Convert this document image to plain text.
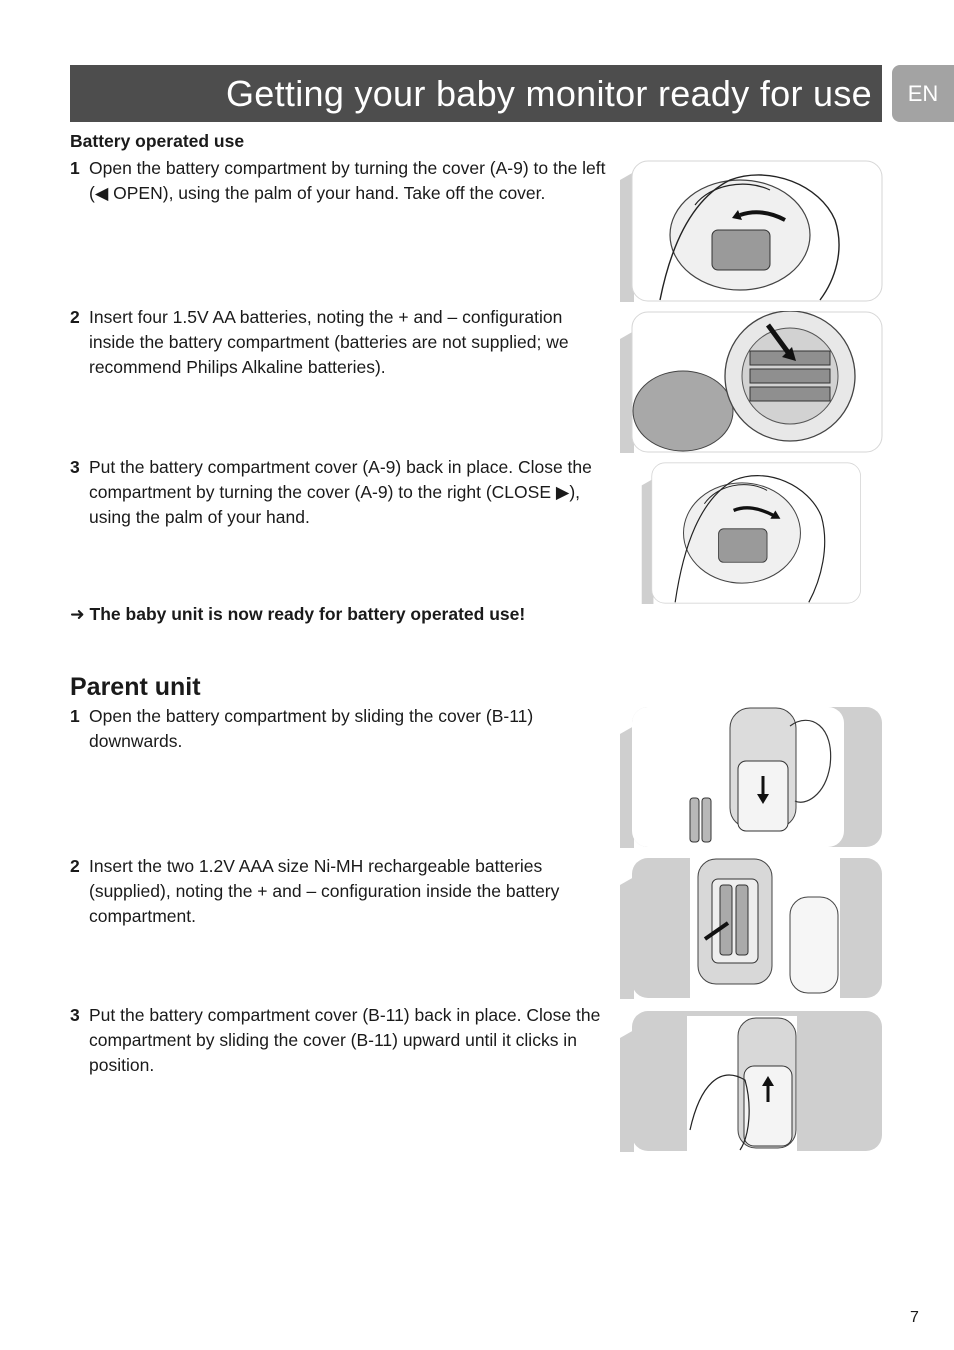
Getting your baby monitor ready for use	EN
Battery operated use
1 Open the battery compartment by turning the cover (A-9) to the left (◀ OPEN), using the palm of your hand. Take off the cover.
2 Insert four 1.5V AA batteries, noting the + and – configuration inside the battery compartment (batteries are not supplied; we recommend Philips Alkaline batteries).
3 Put the battery compartment cover (A-9) back in place. Close the compartment by turning the cover (A-9) to the right (CLOSE ▶), using the palm of your hand.
➜ The baby unit is now ready for battery operated use!
Parent unit
1 Open the battery compartment by sliding the cover (B-11) downwards.
2 Insert the two 1.2V AAA size Ni-MH rechargeable batteries (supplied), noting the + and – configuration inside the battery compartment.
3 Put the battery compartment cover (B-11) back in place. Close the compartment by sliding the cover (B-11) upward until it clicks in position.
7
